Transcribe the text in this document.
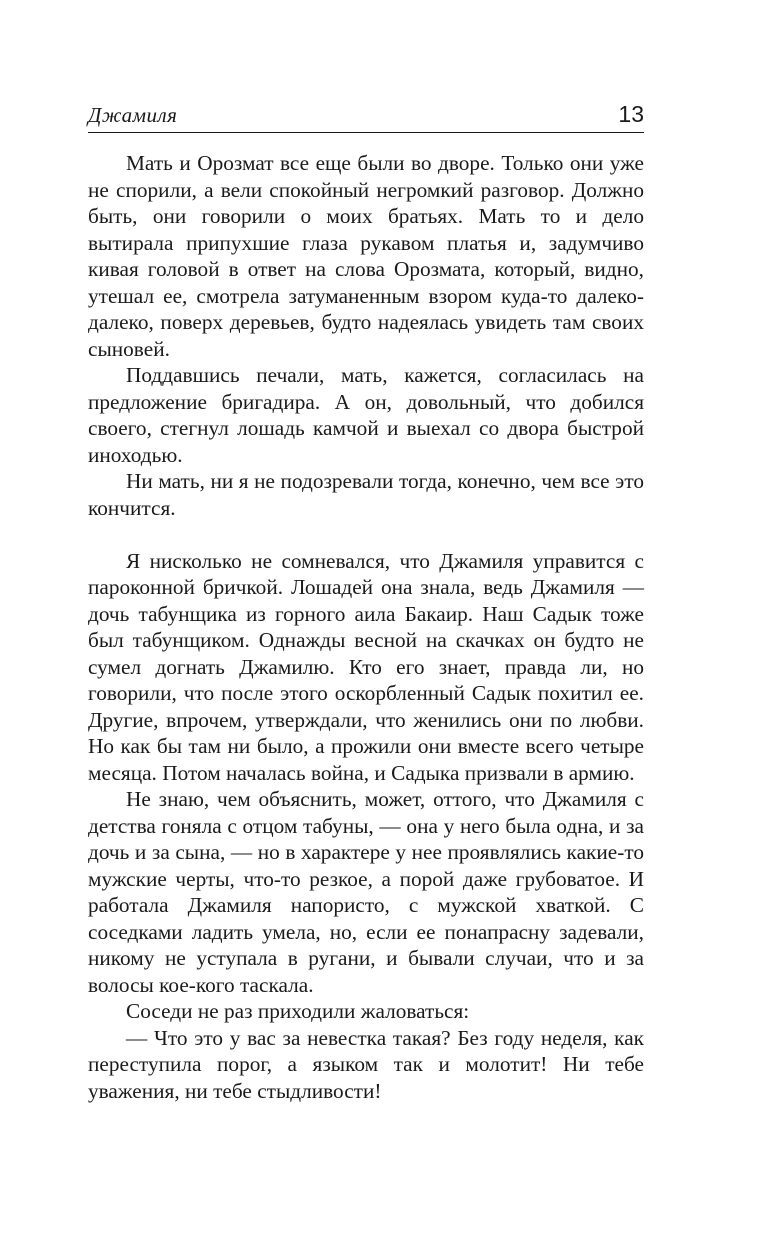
Джамиля	13

Мать и Орозмат все еще были во дворе. Только они уже не спорили, а вели спокойный негромкий разговор. Должно быть, они говорили о моих братьях. Мать то и дело вытирала припухшие глаза рукавом платья и, задумчиво кивая головой в ответ на слова Орозмата, который, видно, утешал ее, смотрела затуманенным взором куда-то далеко-далеко, поверх деревьев, будто надеялась увидеть там своих сыновей.

Поддавшись печали, мать, кажется, согласилась на предложение бригадира. А он, довольный, что добился своего, стегнул лошадь камчой и выехал со двора быстрой иноходью.

Ни мать, ни я не подозревали тогда, конечно, чем все это кончится.

Я нисколько не сомневался, что Джамиля управится с пароконной бричкой. Лошадей она знала, ведь Джамиля — дочь табунщика из горного аила Бакаир. Наш Садык тоже был табунщиком. Однажды весной на скачках он будто не сумел догнать Джамилю. Кто его знает, правда ли, но говорили, что после этого оскорбленный Садык похитил ее. Другие, впрочем, утверждали, что женились они по любви. Но как бы там ни было, а прожили они вместе всего четыре месяца. Потом началась война, и Садыка призвали в армию.

Не знаю, чем объяснить, может, оттого, что Джамиля с детства гоняла с отцом табуны, — она у него была одна, и за дочь и за сына, — но в характере у нее проявлялись какие-то мужские черты, что-то резкое, а порой даже грубоватое. И работала Джамиля напористо, с мужской хваткой. С соседками ладить умела, но, если ее понапрасну задевали, никому не уступала в ругани, и бывали случаи, что и за волосы кое-кого таскала.

Соседи не раз приходили жаловаться:

— Что это у вас за невестка такая? Без году неделя, как переступила порог, а языком так и молотит! Ни тебе уважения, ни тебе стыдливости!
